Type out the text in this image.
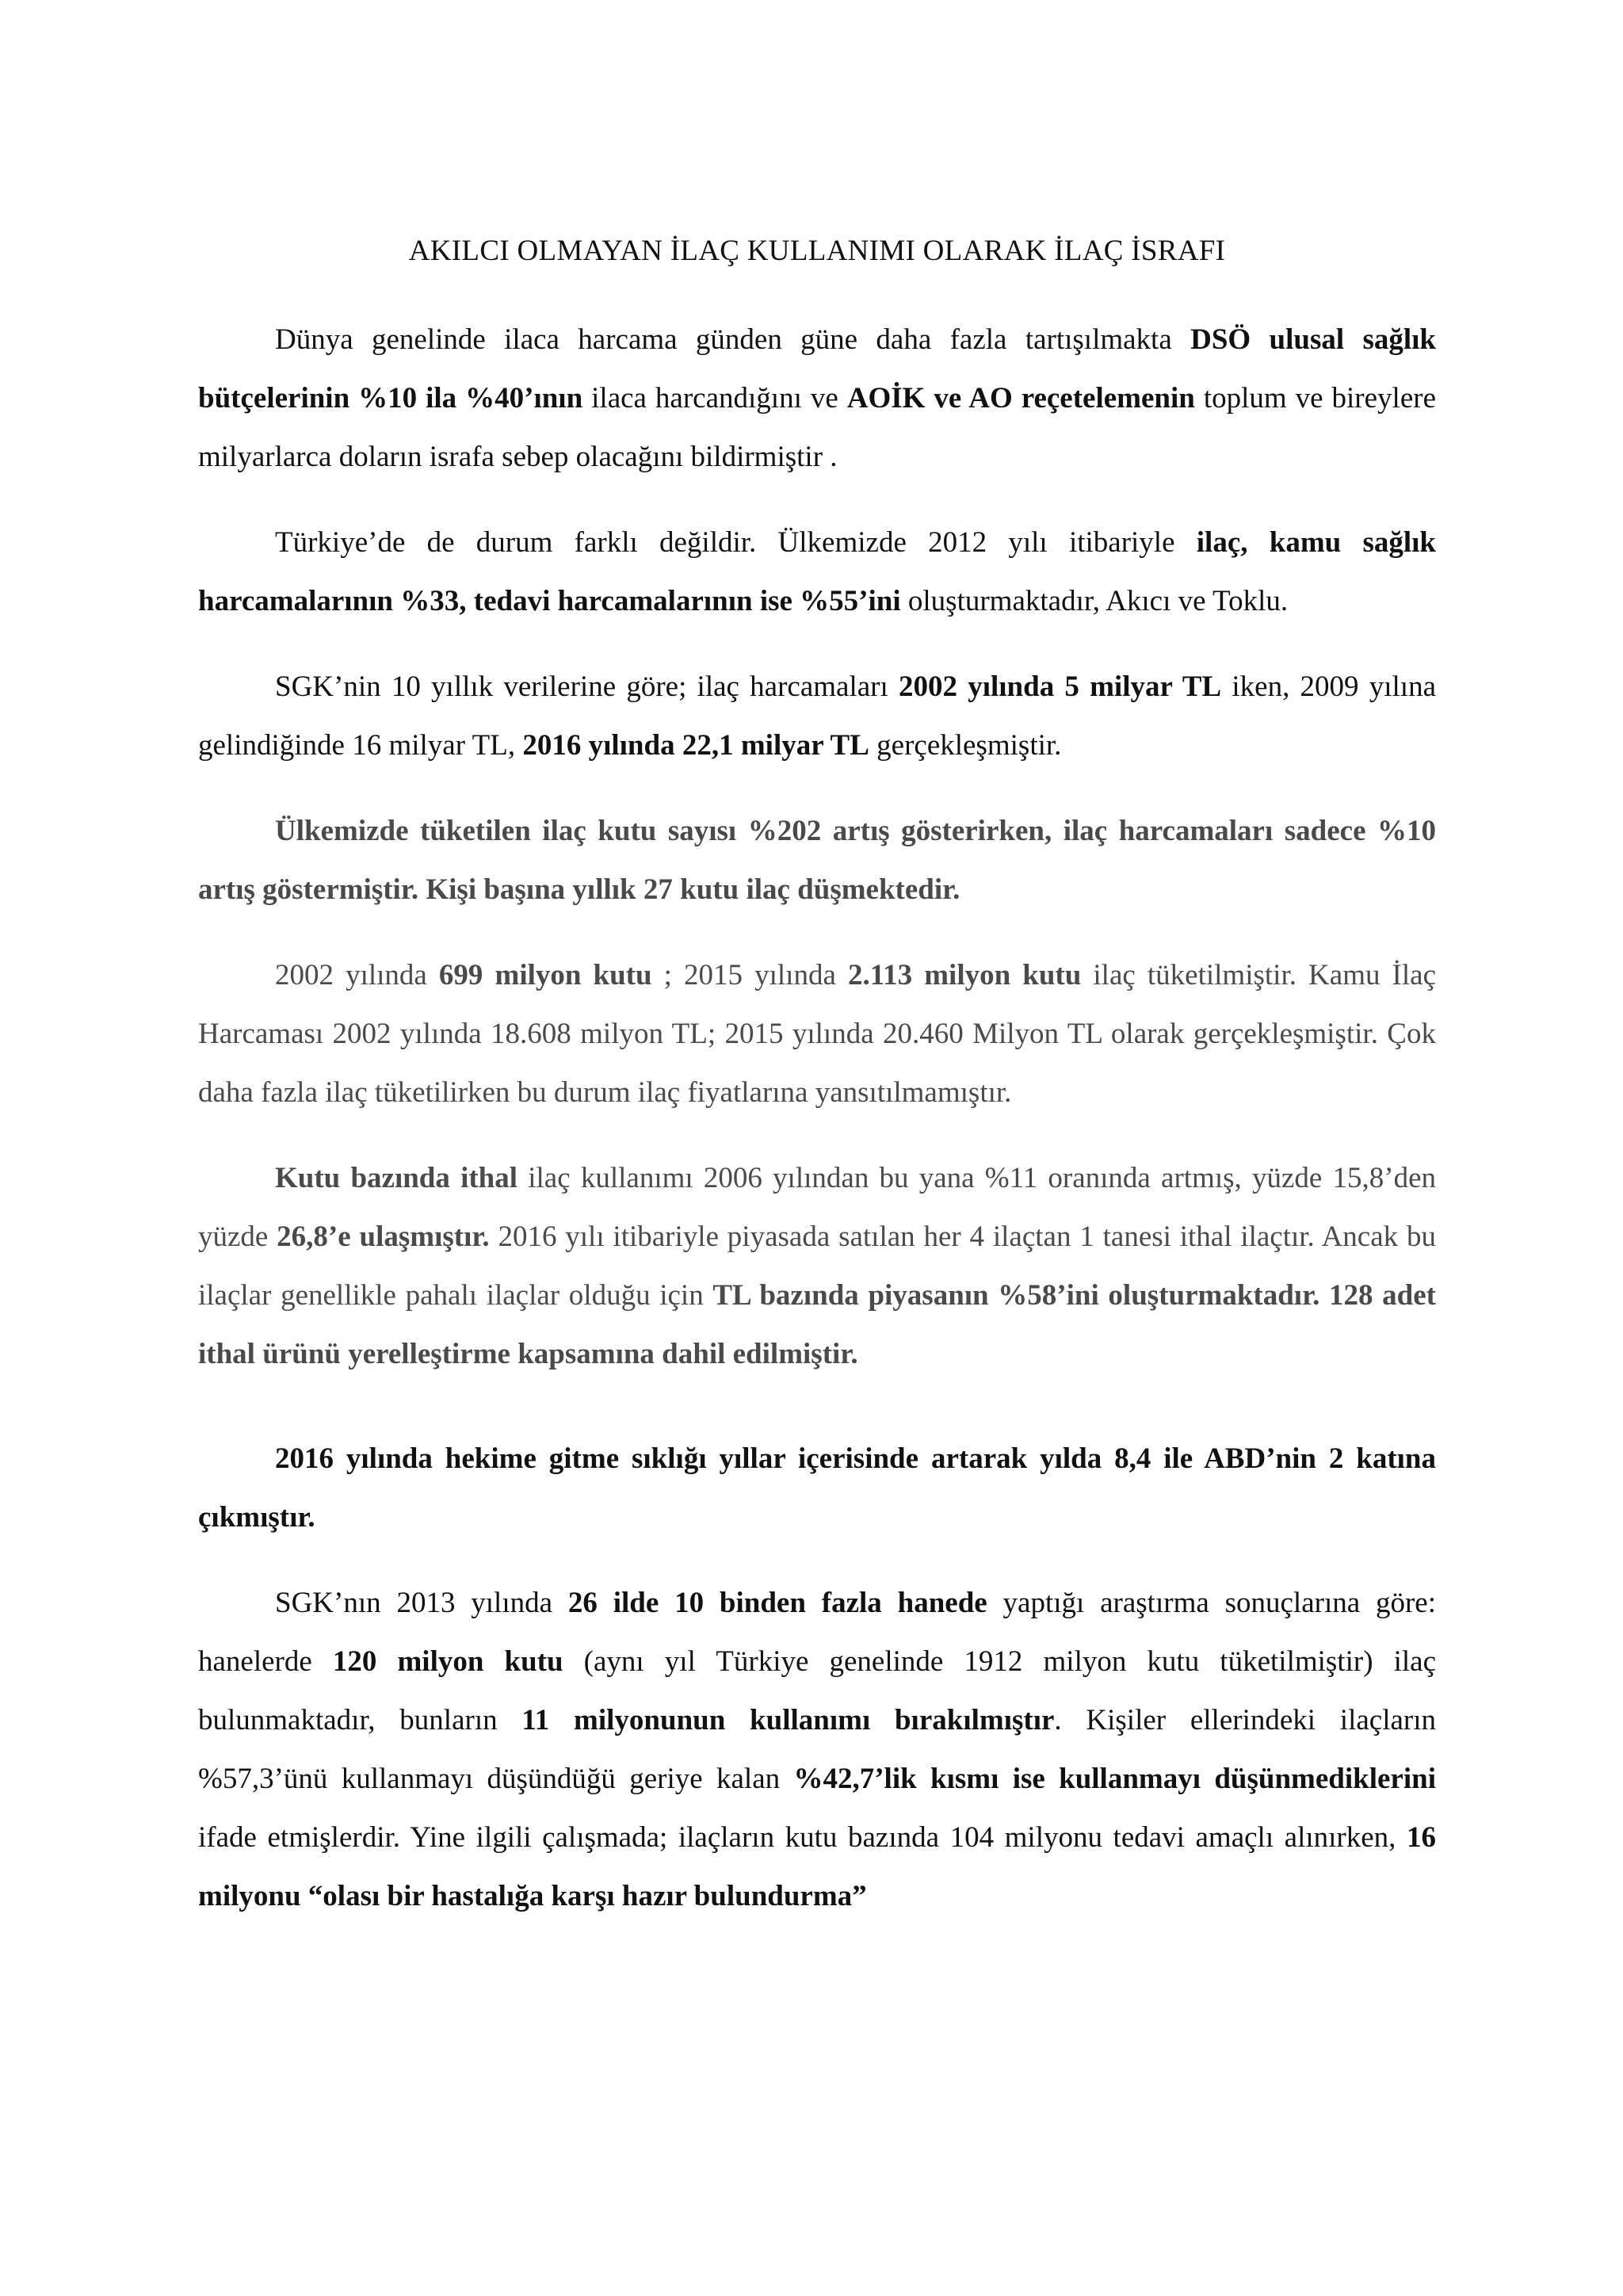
AKILCI OLMAYAN İLAÇ KULLANIMI OLARAK İLAÇ İSRAFI

Dünya genelinde ilaca harcama günden güne daha fazla tartışılmakta DSÖ ulusal sağlık bütçelerinin %10 ila %40’ının ilaca harcandığını ve AOİK ve AO reçetelemenin toplum ve bireylere milyarlarca doların israfa sebep olacağını bildirmiştir .

Türkiye’de de durum farklı değildir. Ülkemizde 2012 yılı itibariyle ilaç, kamu sağlık harcamalarının %33, tedavi harcamalarının ise %55’ini oluşturmaktadır, Akıcı ve Toklu.

SGK’nin 10 yıllık verilerine göre; ilaç harcamaları 2002 yılında 5 milyar TL iken, 2009 yılına gelindiğinde 16 milyar TL, 2016 yılında 22,1 milyar TL gerçekleşmiştir.

Ülkemizde tüketilen ilaç kutu sayısı %202 artış gösterirken, ilaç harcamaları sadece %10 artış göstermiştir. Kişi başına yıllık 27 kutu ilaç düşmektedir.

2002 yılında 699 milyon kutu ; 2015 yılında 2.113 milyon kutu ilaç tüketilmiştir. Kamu İlaç Harcaması 2002 yılında 18.608 milyon TL; 2015 yılında 20.460 Milyon TL olarak gerçekleşmiştir. Çok daha fazla ilaç tüketilirken bu durum ilaç fiyatlarına yansıtılmamıştır.

Kutu bazında ithal ilaç kullanımı 2006 yılından bu yana %11 oranında artmış, yüzde 15,8’den yüzde 26,8’e ulaşmıştır. 2016 yılı itibariyle piyasada satılan her 4 ilaçtan 1 tanesi ithal ilaçtır. Ancak bu ilaçlar genellikle pahalı ilaçlar olduğu için TL bazında piyasanın %58’ini oluşturmaktadır. 128 adet ithal ürünü yerelleştirme kapsamına dahil edilmiştir.

2016 yılında hekime gitme sıklığı yıllar içerisinde artarak yılda 8,4 ile ABD’nin 2 katına çıkmıştır.

SGK’nın 2013 yılında 26 ilde 10 binden fazla hanede yaptığı araştırma sonuçlarına göre: hanelerde 120 milyon kutu (aynı yıl Türkiye genelinde 1912 milyon kutu tüketilmiştir) ilaç bulunmaktadır, bunların 11 milyonunun kullanımı bırakılmıştır. Kişiler ellerindeki ilaçların %57,3’ünü kullanmayı düşündüğü geriye kalan %42,7’lik kısmı ise kullanmayı düşünmediklerini ifade etmişlerdir. Yine ilgili çalışmada; ilaçların kutu bazında 104 milyonu tedavi amaçlı alınırken, 16 milyonu “olası bir hastalığa karşı hazır bulundurma”
